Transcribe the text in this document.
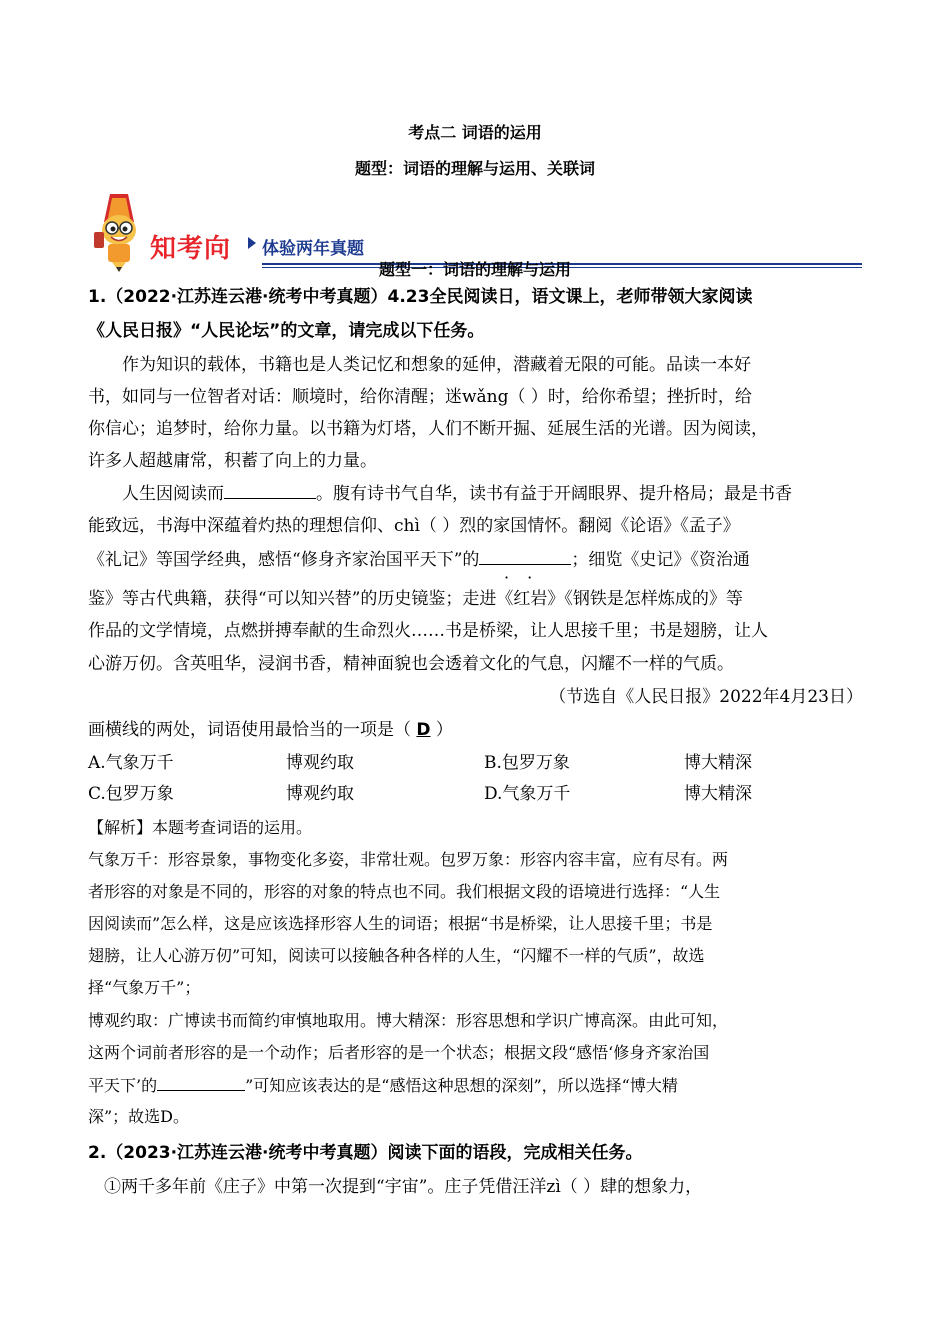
考点二 词语的运用
题型：词语的理解与运用、关联词
知考向 体验两年真题
题型一：词语的理解与运用
1.（2022·江苏连云港·统考中考真题）4.23全民阅读日，语文课上，老师带领大家阅读
《人民日报》“人民论坛”的文章，请完成以下任务。
作为知识的载体，书籍也是人类记忆和想象的延伸，潜藏着无限的可能。品读一本好
书，如同与一位智者对话：顺境时，给你清醒；迷wǎng（ ）时，给你希望；挫折时，给
你信心；追梦时，给你力量。以书籍为灯塔，人们不断开掘、延展生活的光谱。因为阅读，
许多人超越庸常，积蓄了向上的力量。
人生因阅读而	。腹有诗书气自华，读书有益于开阔眼界、提升格局；最是书香
能致远，书海中深蕴着灼热的理想信仰、chì（ ）烈的家国情怀。翻阅《论语》《孟子》
《礼记》等国学经典，感悟“修身齐家治国平天下”的	；细览《史记》《资治通
··
鉴》等古代典籍，获得“可以知兴替”的历史镜鉴；走进《红岩》《钢铁是怎样炼成的》等
作品的文学情境，点燃拼搏奉献的生命烈火……书是桥梁，让人思接千里；书是翅膀，让人
心游万仞。含英咀华，浸润书香，精神面貌也会透着文化的气息，闪耀不一样的气质。
（节选自《人民日报》2022年4月23日）
画横线的两处，词语使用最恰当的一项是（ D ）
A.气象万千	博观约取	B.包罗万象	博大精深
C.包罗万象	博观约取	D.气象万千	博大精深
【解析】本题考查词语的运用。
气象万千：形容景象，事物变化多姿，非常壮观。包罗万象：形容内容丰富，应有尽有。两
者形容的对象是不同的，形容的对象的特点也不同。我们根据文段的语境进行选择：“人生
因阅读而”怎么样，这是应该选择形容人生的词语；根据“书是桥梁，让人思接千里；书是
翅膀，让人心游万仞”可知，阅读可以接触各种各样的人生，“闪耀不一样的气质”，故选
择“气象万千”；
博观约取：广博读书而简约审慎地取用。博大精深：形容思想和学识广博高深。由此可知，
这两个词前者形容的是一个动作；后者形容的是一个状态；根据文段“感悟‘修身齐家治国
平天下’的	”可知应该表达的是“感悟这种思想的深刻”，所以选择“博大精
深”；故选D。
2.（2023·江苏连云港·统考中考真题）阅读下面的语段，完成相关任务。
①两千多年前《庄子》中第一次提到“宇宙”。庄子凭借汪洋zì（ ）肆的想象力，
